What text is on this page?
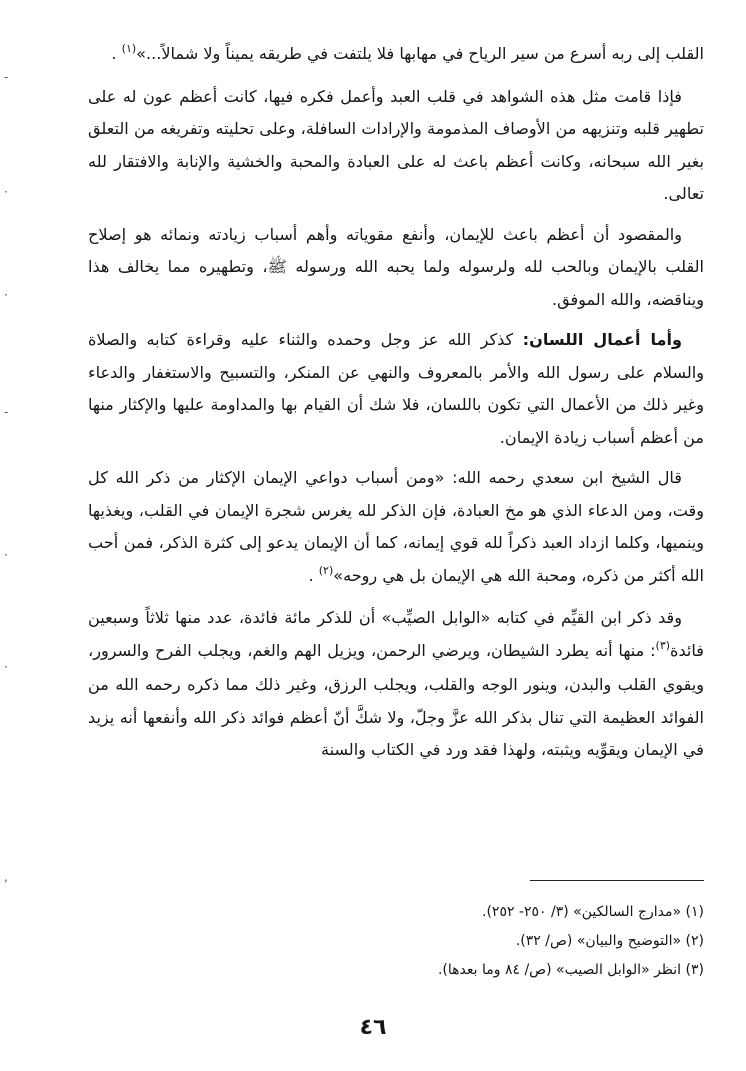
القلب إلى ربه أسرع من سير الرياح في مهابها فلا يلتفت في طريقه يميناً ولا شمالاً...»$^{(١)}$ .

فإذا قامت مثل هذه الشواهد في قلب العبد وأعمل فكره فيها، كانت أعظم عون له على تطهير قلبه وتنزيهه من الأوصاف المذمومة والإرادات السافلة، وعلى تحليته وتفريغه من التعلق بغير الله سبحانه، وكانت أعظم باعث له على العبادة والمحبة والخشية والإنابة والافتقار لله تعالى.

والمقصود أن أعظم باعث للإيمان، وأنفع مقوياته وأهم أسباب زيادته ونمائه هو إصلاح القلب بالإيمان وبالحب لله ولرسوله ولما يحبه الله ورسوله ﷺ، وتطهيره مما يخالف هذا ويناقضه، والله الموفق.

وأما أعمال اللسان: كذكر الله عز وجل وحمده والثناء عليه وقراءة كتابه والصلاة والسلام على رسول الله والأمر بالمعروف والنهي عن المنكر، والتسبيح والاستغفار والدعاء وغير ذلك من الأعمال التي تكون باللسان، فلا شك أن القيام بها والمداومة عليها والإكثار منها من أعظم أسباب زيادة الإيمان.

قال الشيخ ابن سعدي رحمه الله: «ومن أسباب دواعي الإيمان الإكثار من ذكر الله كل وقت، ومن الدعاء الذي هو مخ العبادة، فإن الذكر لله يغرس شجرة الإيمان في القلب، ويغذيها وينميها، وكلما ازداد العبد ذكراً لله قوي إيمانه، كما أن الإيمان يدعو إلى كثرة الذكر، فمن أحب الله أكثر من ذكره، ومحبة الله هي الإيمان بل هي روحه»$^{(٢)}$ .

وقد ذكر ابن القيِّم في كتابه «الوابل الصيِّب» أن للذكر مائة فائدة، عدد منها ثلاثاً وسبعين فائدة$^{(٣)}$: منها أنه يطرد الشيطان، ويرضي الرحمن، ويزيل الهم والغم، ويجلب الفرح والسرور، ويقوي القلب والبدن، وينور الوجه والقلب، ويجلب الرزق، وغير ذلك مما ذكره رحمه الله من الفوائد العظيمة التي تنال بذكر الله عزَّ وجلّ، ولا شكَّ أنّ أعظم فوائد ذكر الله وأنفعها أنه يزيد في الإيمان ويقوِّيه ويثبته، ولهذا فقد ورد في الكتاب والسنة

(١) «مدارج السالكين» (٣/ ٢٥٠- ٢٥٢).
(٢) «التوضيح والبيان» (ص/ ٣٢).
(٣) انظر «الوابل الصيب» (ص/ ٨٤ وما بعدها).
٤٦
-
·
·
-
·
·
,
